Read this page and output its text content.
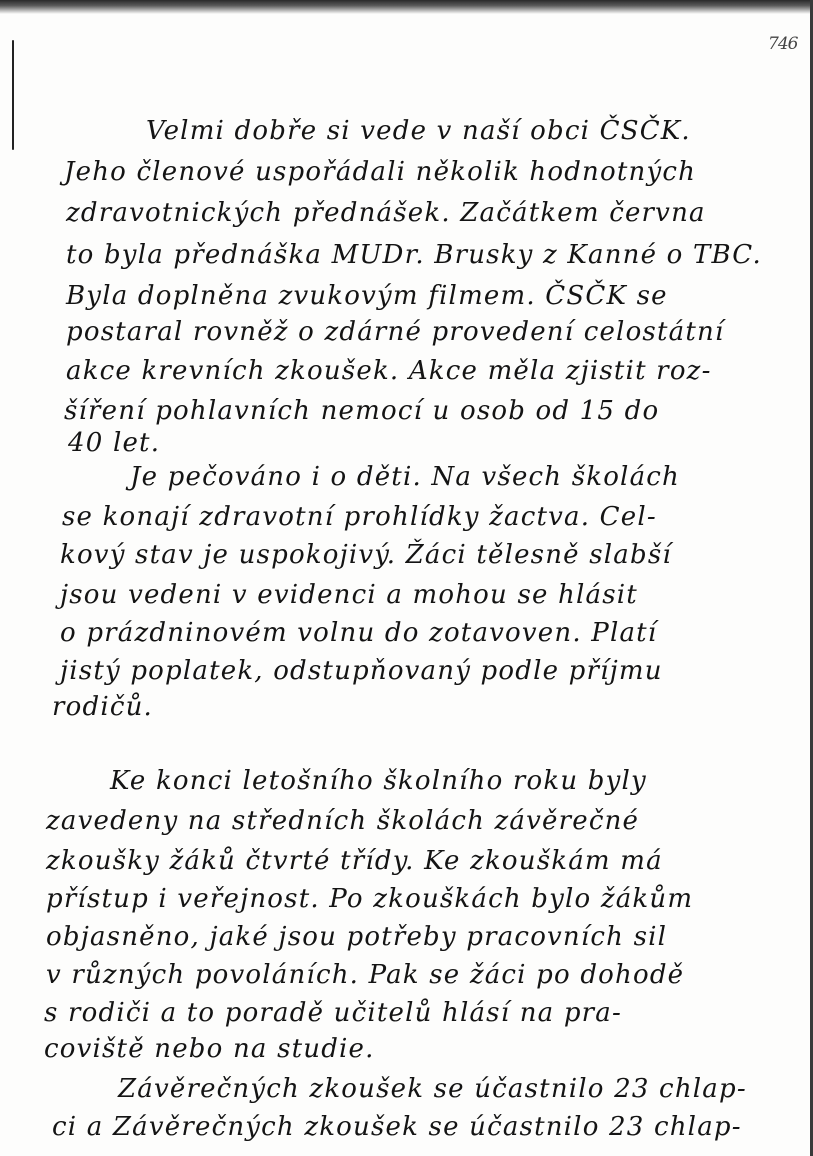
746
Velmi dobře si vede v naší obci ČSČK.
Jeho členové uspořádali několik hodnotných
zdravotnických přednášek. Začátkem června
to byla přednáška MUDr. Brusky z Kanné o TBC.
Byla doplněna zvukovým filmem. ČSČK se
postaral rovněž o zdárné provedení celostátní
akce krevních zkoušek. Akce měla zjistit roz-
šíření pohlavních nemocí u osob od 15 do
40 let.
Je pečováno i o děti. Na všech školách
se konají zdravotní prohlídky žactva. Cel-
kový stav je uspokojivý. Žáci tělesně slabší
jsou vedeni v evidenci a mohou se hlásit
o prázdninovém volnu do zotavoven. Platí
jistý poplatek, odstupňovaný podle příjmu
rodičů.
Ke konci letošního školního roku byly
zavedeny na středních školách závěrečné
zkoušky žáků čtvrté třídy. Ke zkouškám má
přístup i veřejnost. Po zkouškách bylo žákům
objasněno, jaké jsou potřeby pracovních sil
v různých povoláních. Pak se žáci po dohodě
s rodiči a to poradě učitelů hlásí na pra-
coviště nebo na studie.
Závěrečných zkoušek se účastnilo 23 chlap-
ci a Závěrečných zkoušek se účastnilo 23 chlap-
